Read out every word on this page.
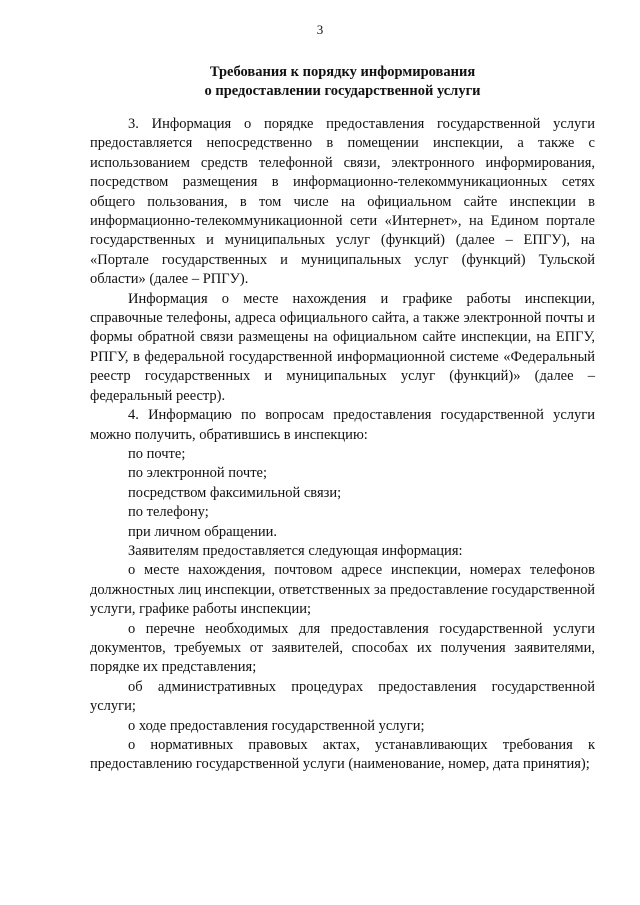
3
Требования к порядку информирования
о предоставлении государственной услуги

3. Информация о порядке предоставления государственной услуги предоставляется непосредственно в помещении инспекции, а также с использованием средств телефонной связи, электронного информирования, посредством размещения в информационно-телекоммуникационных сетях общего пользования, в том числе на официальном сайте инспекции в информационно-телекоммуникационной сети «Интернет», на Едином портале государственных и муниципальных услуг (функций) (далее – ЕПГУ), на «Портале государственных и муниципальных услуг (функций) Тульской области» (далее – РПГУ).

Информация о месте нахождения и графике работы инспекции, справочные телефоны, адреса официального сайта, а также электронной почты и формы обратной связи размещены на официальном сайте инспекции, на ЕПГУ, РПГУ, в федеральной государственной информационной системе «Федеральный реестр государственных и муниципальных услуг (функций)» (далее – федеральный реестр).

4. Информацию по вопросам предоставления государственной услуги можно получить, обратившись в инспекцию:

по почте;

по электронной почте;

посредством факсимильной связи;

по телефону;

при личном обращении.

Заявителям предоставляется следующая информация:

о месте нахождения, почтовом адресе инспекции, номерах телефонов должностных лиц инспекции, ответственных за предоставление государственной услуги, графике работы инспекции;

о перечне необходимых для предоставления государственной услуги документов, требуемых от заявителей, способах их получения заявителями, порядке их представления;

об административных процедурах предоставления государственной услуги;

о ходе предоставления государственной услуги;

о нормативных правовых актах, устанавливающих требования к предоставлению государственной услуги (наименование, номер, дата принятия);
